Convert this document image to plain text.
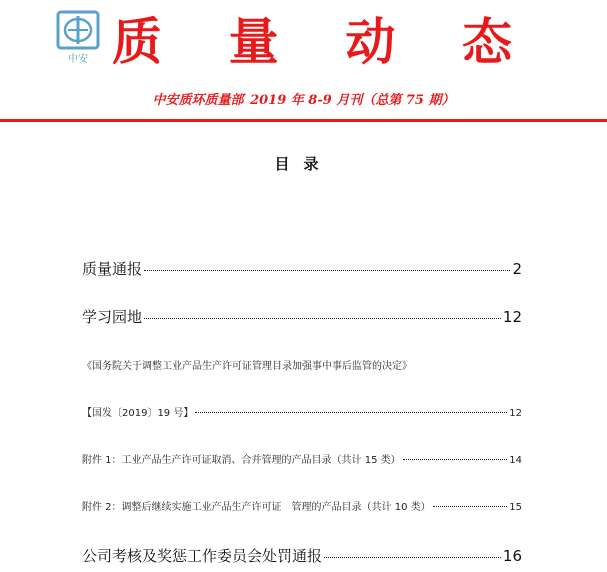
中安 质 量 动 态
中安质环质量部 2019 年 8-9 月刊（总第 75 期）
目录
质量通报	2
学习园地	12
《国务院关于调整工业产品生产许可证管理目录加强事中事后监管的决定》
【国发〔2019〕19 号】	12
附件 1：工业产品生产许可证取消、合并管理的产品目录（共计 15 类）	14
附件 2：调整后继续实施工业产品生产许可证　管理的产品目录（共计 10 类）	15
公司考核及奖惩工作委员会处罚通报	16
